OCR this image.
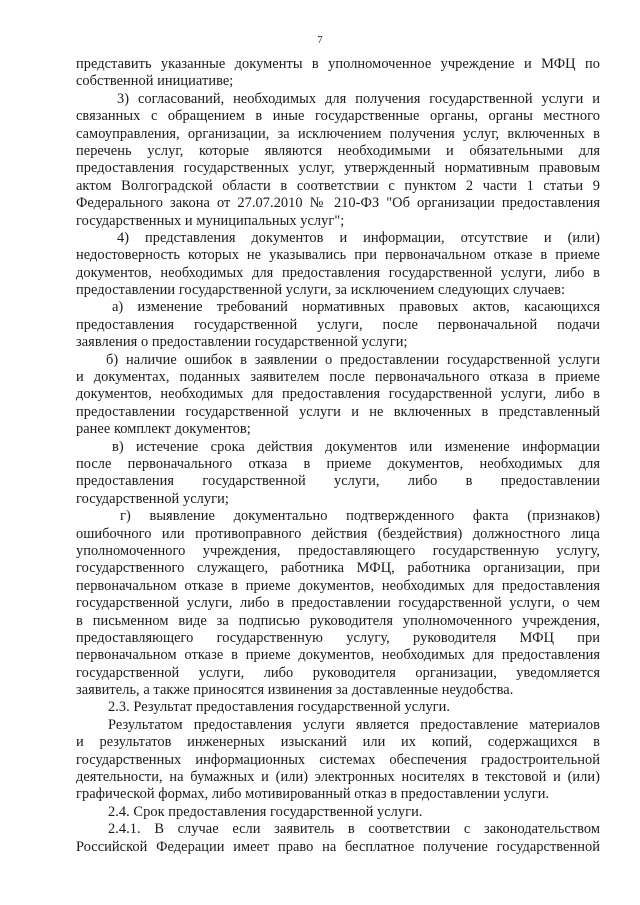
7
представить указанные документы в уполномоченное учреждение и МФЦ по
собственной инициативе;
3) согласований, необходимых для получения государственной услуги и
связанных с обращением в иные государственные органы, органы местного
самоуправления, организации, за исключением получения услуг, включенных в
перечень услуг, которые являются необходимыми и обязательными для
предоставления государственных услуг, утвержденный нормативным правовым
актом Волгоградской области в соответствии с пунктом 2 части 1 статьи 9
Федерального закона от 27.07.2010 № 210-ФЗ "Об организации предоставления
государственных и муниципальных услуг";
4) представления документов и информации, отсутствие и (или)
недостоверность которых не указывались при первоначальном отказе в приеме
документов, необходимых для предоставления государственной услуги, либо в
предоставлении государственной услуги, за исключением следующих случаев:
а) изменение требований нормативных правовых актов, касающихся
предоставления государственной услуги, после первоначальной подачи
заявления о предоставлении государственной услуги;
б) наличие ошибок в заявлении о предоставлении государственной услуги
и документах, поданных заявителем после первоначального отказа в приеме
документов, необходимых для предоставления государственной услуги, либо в
предоставлении государственной услуги и не включенных в представленный
ранее комплект документов;
в) истечение срока действия документов или изменение информации
после первоначального отказа в приеме документов, необходимых для
предоставления государственной услуги, либо в предоставлении
государственной услуги;
г) выявление документально подтвержденного факта (признаков)
ошибочного или противоправного действия (бездействия) должностного лица
уполномоченного учреждения, предоставляющего государственную услугу,
государственного служащего, работника МФЦ, работника организации, при
первоначальном отказе в приеме документов, необходимых для предоставления
государственной услуги, либо в предоставлении государственной услуги, о чем
в письменном виде за подписью руководителя уполномоченного учреждения,
предоставляющего государственную услугу, руководителя МФЦ при
первоначальном отказе в приеме документов, необходимых для предоставления
государственной услуги, либо руководителя организации, уведомляется
заявитель, а также приносятся извинения за доставленные неудобства.
2.3. Результат предоставления государственной услуги.
Результатом предоставления услуги является предоставление материалов
и результатов инженерных изысканий или их копий, содержащихся в
государственных информационных системах обеспечения градостроительной
деятельности, на бумажных и (или) электронных носителях в текстовой и (или)
графической формах, либо мотивированный отказ в предоставлении услуги.
2.4. Срок предоставления государственной услуги.
2.4.1. В случае если заявитель в соответствии с законодательством
Российской Федерации имеет право на бесплатное получение государственной
